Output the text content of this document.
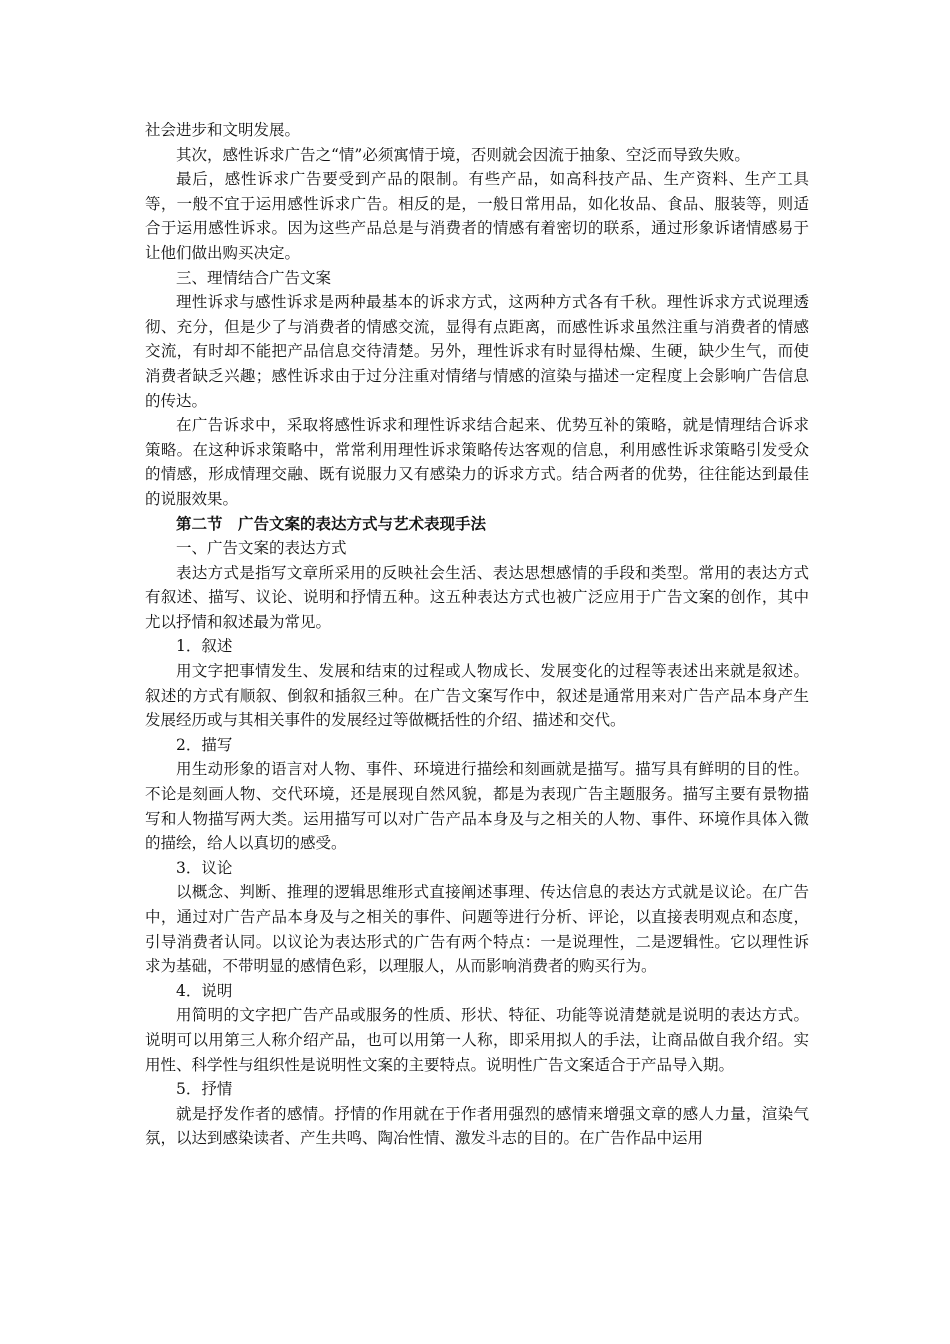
社会进步和文明发展。

其次，感性诉求广告之“情”必须寓情于境，否则就会因流于抽象、空泛而导致失败。

最后，感性诉求广告要受到产品的限制。有些产品，如高科技产品、生产资料、生产工具等，一般不宜于运用感性诉求广告。相反的是，一般日常用品，如化妆品、食品、服装等，则适合于运用感性诉求。因为这些产品总是与消费者的情感有着密切的联系，通过形象诉诸情感易于让他们做出购买决定。

三、理情结合广告文案

理性诉求与感性诉求是两种最基本的诉求方式，这两种方式各有千秋。理性诉求方式说理透彻、充分，但是少了与消费者的情感交流，显得有点距离，而感性诉求虽然注重与消费者的情感交流，有时却不能把产品信息交待清楚。另外，理性诉求有时显得枯燥、生硬，缺少生气，而使消费者缺乏兴趣；感性诉求由于过分注重对情绪与情感的渲染与描述一定程度上会影响广告信息的传达。

在广告诉求中，采取将感性诉求和理性诉求结合起来、优势互补的策略，就是情理结合诉求策略。在这种诉求策略中，常常利用理性诉求策略传达客观的信息，利用感性诉求策略引发受众的情感，形成情理交融、既有说服力又有感染力的诉求方式。结合两者的优势，往往能达到最佳的说服效果。

第二节　广告文案的表达方式与艺术表现手法

一、广告文案的表达方式

表达方式是指写文章所采用的反映社会生活、表达思想感情的手段和类型。常用的表达方式有叙述、描写、议论、说明和抒情五种。这五种表达方式也被广泛应用于广告文案的创作，其中尤以抒情和叙述最为常见。

1．叙述

用文字把事情发生、发展和结束的过程或人物成长、发展变化的过程等表述出来就是叙述。叙述的方式有顺叙、倒叙和插叙三种。在广告文案写作中，叙述是通常用来对广告产品本身产生发展经历或与其相关事件的发展经过等做概括性的介绍、描述和交代。

2．描写

用生动形象的语言对人物、事件、环境进行描绘和刻画就是描写。描写具有鲜明的目的性。不论是刻画人物、交代环境，还是展现自然风貌，都是为表现广告主题服务。描写主要有景物描写和人物描写两大类。运用描写可以对广告产品本身及与之相关的人物、事件、环境作具体入微的描绘，给人以真切的感受。

3．议论

以概念、判断、推理的逻辑思维形式直接阐述事理、传达信息的表达方式就是议论。在广告中，通过对广告产品本身及与之相关的事件、问题等进行分析、评论，以直接表明观点和态度，引导消费者认同。以议论为表达形式的广告有两个特点：一是说理性，二是逻辑性。它以理性诉求为基础，不带明显的感情色彩，以理服人，从而影响消费者的购买行为。

4．说明

用简明的文字把广告产品或服务的性质、形状、特征、功能等说清楚就是说明的表达方式。说明可以用第三人称介绍产品，也可以用第一人称，即采用拟人的手法，让商品做自我介绍。实用性、科学性与组织性是说明性文案的主要特点。说明性广告文案适合于产品导入期。

5．抒情

就是抒发作者的感情。抒情的作用就在于作者用强烈的感情来增强文章的感人力量，渲染气氛，以达到感染读者、产生共鸣、陶冶性情、激发斗志的目的。在广告作品中运用
